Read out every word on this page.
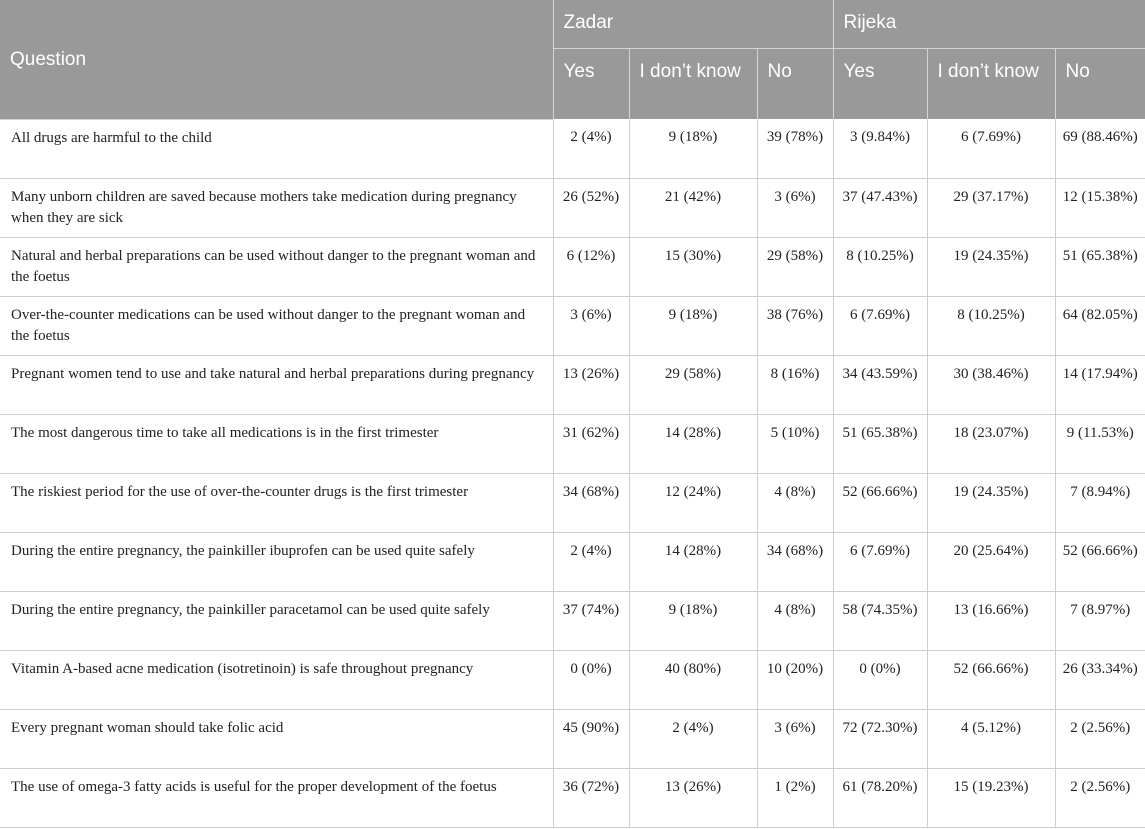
Question	Zadar			Rijeka		
	Yes	I don’t know	No	Yes	I don’t know	No
All drugs are harmful to the child	2 (4%)	9 (18%)	39 (78%)	3 (9.84%)	6 (7.69%)	69 (88.46%)
Many unborn children are saved because mothers take medication during pregnancy when they are sick	26 (52%)	21 (42%)	3 (6%)	37 (47.43%)	29 (37.17%)	12 (15.38%)
Natural and herbal preparations can be used without danger to the pregnant woman and the foetus	6 (12%)	15 (30%)	29 (58%)	8 (10.25%)	19 (24.35%)	51 (65.38%)
Over-the-counter medications can be used without danger to the pregnant woman and the foetus	3 (6%)	9 (18%)	38 (76%)	6 (7.69%)	8 (10.25%)	64 (82.05%)
Pregnant women tend to use and take natural and herbal preparations during pregnancy	13 (26%)	29 (58%)	8 (16%)	34 (43.59%)	30 (38.46%)	14 (17.94%)
The most dangerous time to take all medications is in the first trimester	31 (62%)	14 (28%)	5 (10%)	51 (65.38%)	18 (23.07%)	9 (11.53%)
The riskiest period for the use of over-the-counter drugs is the first trimester	34 (68%)	12 (24%)	4 (8%)	52 (66.66%)	19 (24.35%)	7 (8.94%)
During the entire pregnancy, the painkiller ibuprofen can be used quite safely	2 (4%)	14 (28%)	34 (68%)	6 (7.69%)	20 (25.64%)	52 (66.66%)
During the entire pregnancy, the painkiller paracetamol can be used quite safely	37 (74%)	9 (18%)	4 (8%)	58 (74.35%)	13 (16.66%)	7 (8.97%)
Vitamin A-based acne medication (isotretinoin) is safe throughout pregnancy	0 (0%)	40 (80%)	10 (20%)	0 (0%)	52 (66.66%)	26 (33.34%)
Every pregnant woman should take folic acid	45 (90%)	2 (4%)	3 (6%)	72 (72.30%)	4 (5.12%)	2 (2.56%)
The use of omega-3 fatty acids is useful for the proper development of the foetus	36 (72%)	13 (26%)	1 (2%)	61 (78.20%)	15 (19.23%)	2 (2.56%)
